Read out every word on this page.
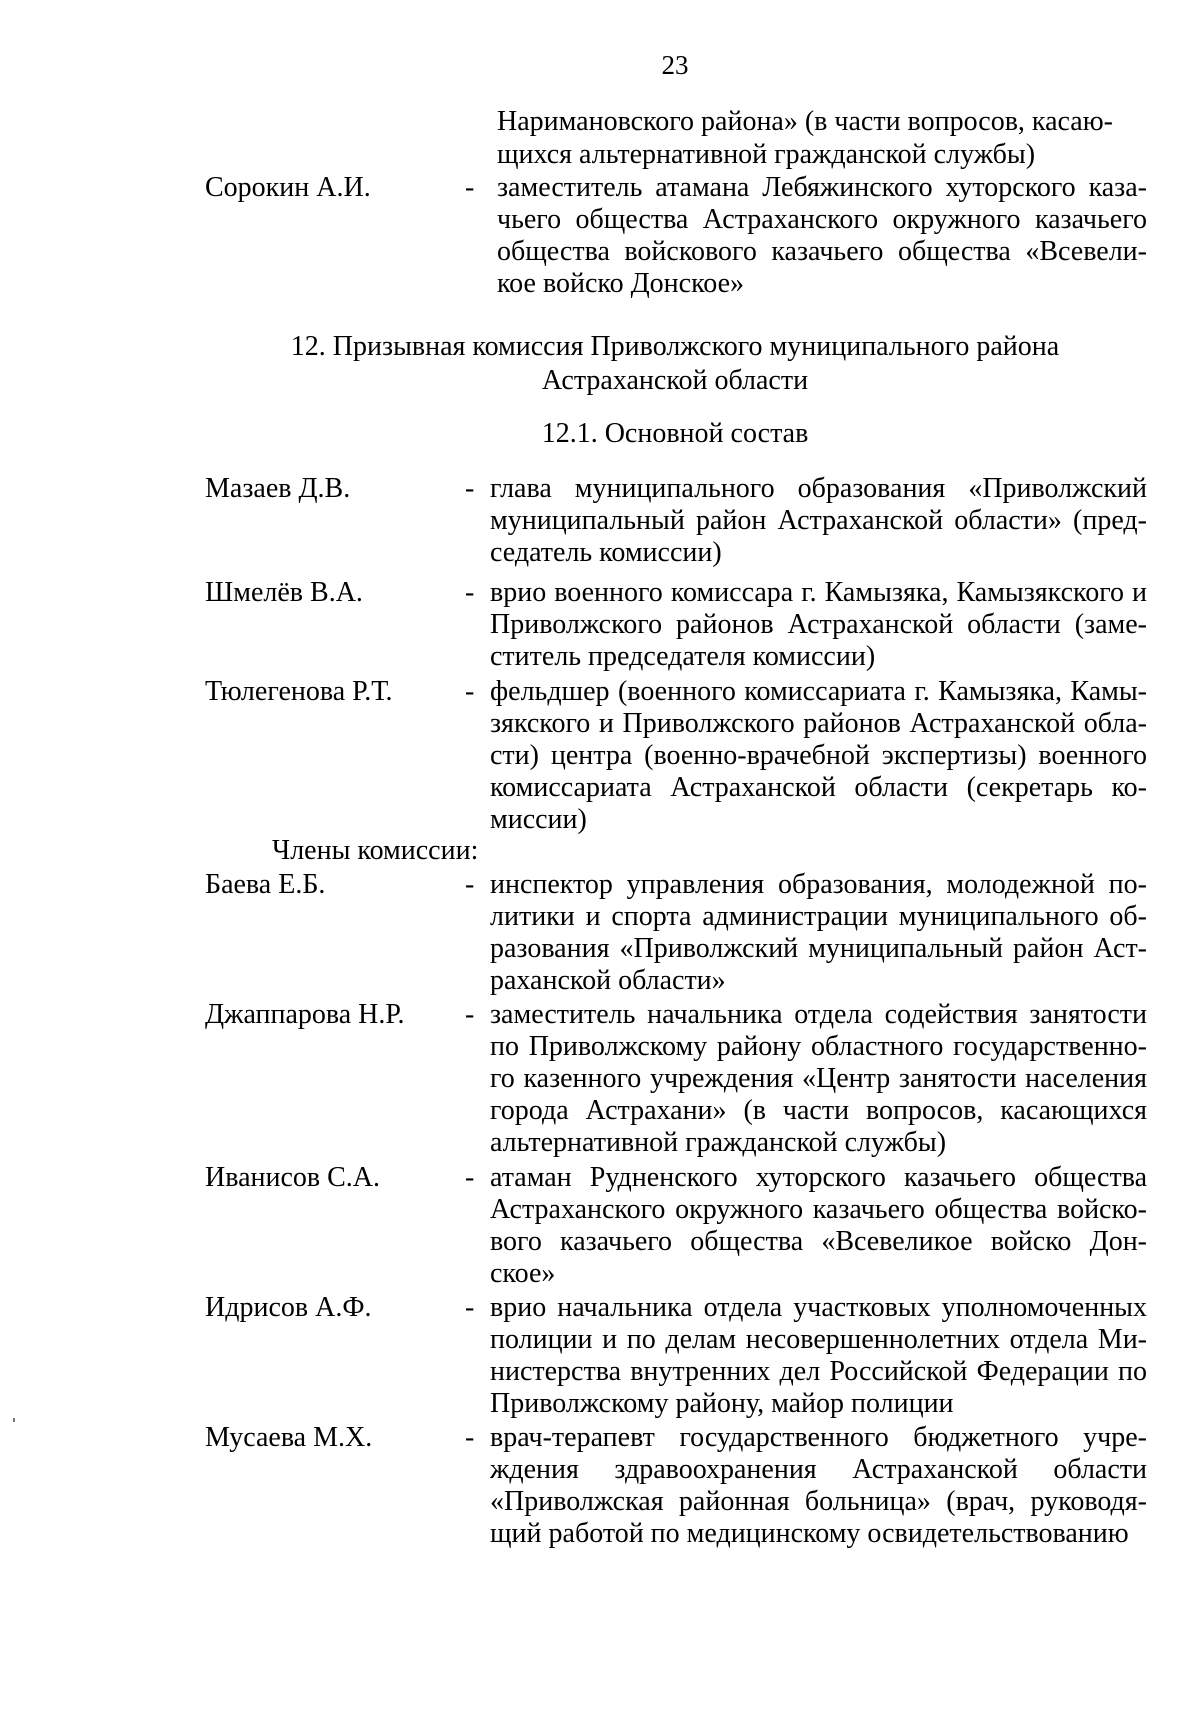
23
Наримановского района» (в части вопросов, касаю-
щихся альтернативной гражданской службы)
Сорокин А.И.	- заместитель атамана Лебяжинского хуторского каза-чьего общества Астраханского окружного казачьего общества войскового казачьего общества «Всевели-кое войско Донское»
12. Призывная комиссия Приволжского муниципального района
Астраханской области
12.1. Основной состав
Мазаев Д.В.	- глава муниципального образования «Приволжский муниципальный район Астраханской области» (пред-седатель комиссии)
Шмелёв В.А.	- врио военного комиссара г. Камызяка, Камызякского и Приволжского районов Астраханской области (заме-ститель председателя комиссии)
Тюлегенова Р.Т.	- фельдшер (военного комиссариата г. Камызяка, Камы-зякского и Приволжского районов Астраханской обла-сти) центра (военно-врачебной экспертизы) военного комиссариата Астраханской области (секретарь ко-миссии)
Члены комиссии:
Баева Е.Б.	- инспектор управления образования, молодежной по-литики и спорта администрации муниципального об-разования «Приволжский муниципальный район Аст-раханской области»
Джаппарова Н.Р. - заместитель начальника отдела содействия занятости по Приволжскому району областного государственно-го казенного учреждения «Центр занятости населения города Астрахани» (в части вопросов, касающихся альтернативной гражданской службы)
Иванисов С.А.	- атаман Рудненского хуторского казачьего общества Астраханского окружного казачьего общества войско-вого казачьего общества «Всевеликое войско Дон-ское»
Идрисов А.Ф.	- врио начальника отдела участковых уполномоченных полиции и по делам несовершеннолетних отдела Ми-нистерства внутренних дел Российской Федерации по Приволжскому району, майор полиции
Мусаева М.Х.	- врач-терапевт государственного бюджетного учре-ждения здравоохранения Астраханской области «Приволжская районная больница» (врач, руководя-щий работой по медицинскому освидетельствованию
